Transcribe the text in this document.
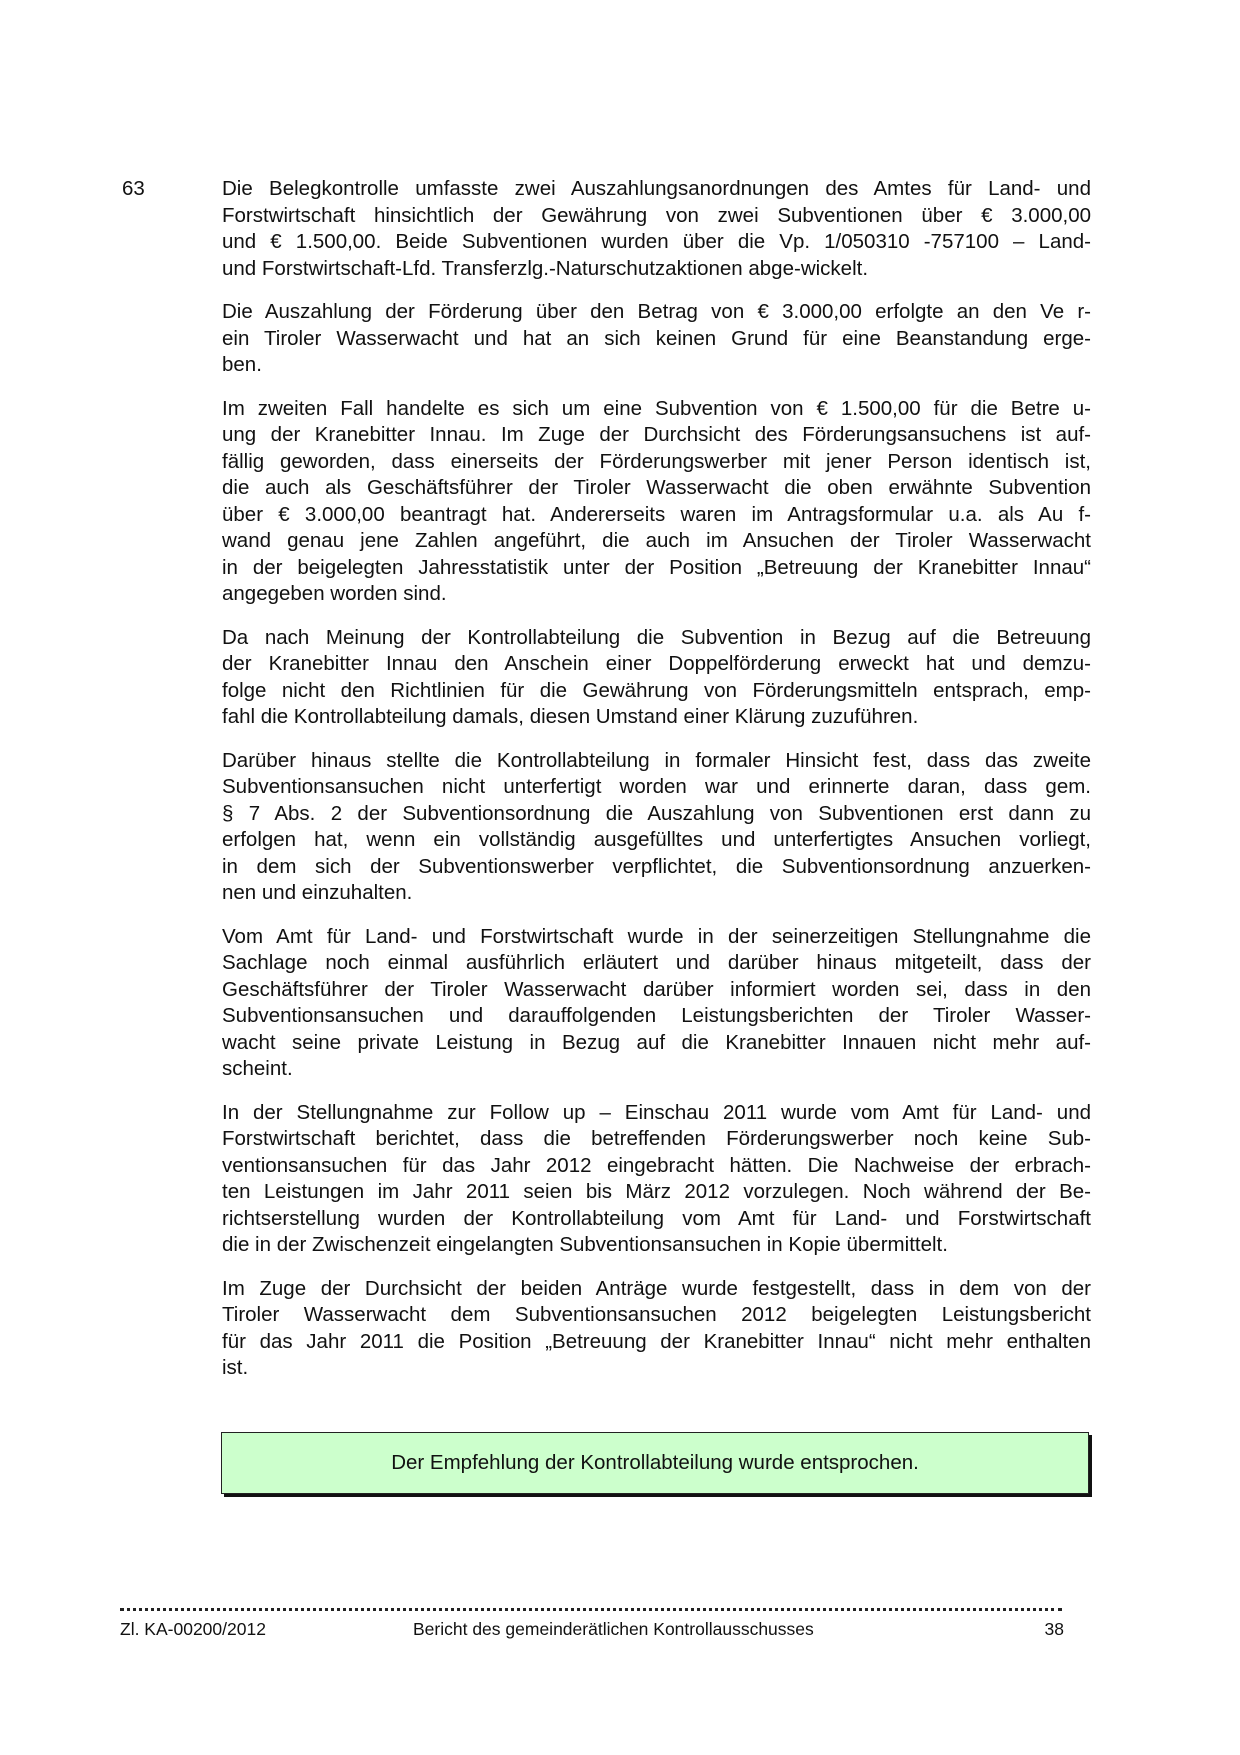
63	Die Belegkontrolle umfasste zwei Auszahlungsanordnungen des Amtes für Land- und
Forstwirtschaft hinsichtlich der Gewährung von zwei Subventionen über € 3.000,00
und € 1.500,00. Beide Subventionen wurden über die Vp. 1/050310 -757100 – Land-
und Forstwirtschaft-Lfd. Transferzlg.-Naturschutzaktionen abge-wickelt.

Die Auszahlung der Förderung über den Betrag von € 3.000,00 erfolgte an den Ve r-
ein Tiroler Wasserwacht und hat an sich keinen Grund für eine Beanstandung erge-
ben.

Im zweiten Fall handelte es sich um eine Subvention von € 1.500,00 für die Betre u-
ung der Kranebitter Innau. Im Zuge der Durchsicht des Förderungsansuchens ist auf-
fällig geworden, dass einerseits der Förderungswerber mit jener Person identisch ist,
die auch als Geschäftsführer der Tiroler Wasserwacht die oben erwähnte Subvention
über € 3.000,00 beantragt hat. Andererseits waren im Antragsformular u.a. als Au f-
wand genau jene Zahlen angeführt, die auch im Ansuchen der Tiroler Wasserwacht
in der beigelegten Jahresstatistik unter der Position „Betreuung der Kranebitter Innau“
angegeben worden sind.

Da nach Meinung der Kontrollabteilung die Subvention in Bezug auf die Betreuung
der Kranebitter Innau den Anschein einer Doppelförderung erweckt hat und demzu-
folge nicht den Richtlinien für die Gewährung von Förderungsmitteln entsprach, emp-
fahl die Kontrollabteilung damals, diesen Umstand einer Klärung zuzuführen.

Darüber hinaus stellte die Kontrollabteilung in formaler Hinsicht fest, dass das zweite
Subventionsansuchen nicht unterfertigt worden war und erinnerte daran, dass gem.
§ 7 Abs. 2 der Subventionsordnung die Auszahlung von Subventionen erst dann zu
erfolgen hat, wenn ein vollständig ausgefülltes und unterfertigtes Ansuchen vorliegt,
in dem sich der Subventionswerber verpflichtet, die Subventionsordnung anzuerken-
nen und einzuhalten.

Vom Amt für Land- und Forstwirtschaft wurde in der seinerzeitigen Stellungnahme die
Sachlage noch einmal ausführlich erläutert und darüber hinaus mitgeteilt, dass der
Geschäftsführer der Tiroler Wasserwacht darüber informiert worden sei, dass in den
Subventionsansuchen und darauffolgenden Leistungsberichten der Tiroler Wasser-
wacht seine private Leistung in Bezug auf die Kranebitter Innauen nicht mehr auf-
scheint.

In der Stellungnahme zur Follow up – Einschau 2011 wurde vom Amt für Land- und
Forstwirtschaft berichtet, dass die betreffenden Förderungswerber noch keine Sub-
ventionsansuchen für das Jahr 2012 eingebracht hätten. Die Nachweise der erbrach-
ten Leistungen im Jahr 2011 seien bis März 2012 vorzulegen. Noch während der Be-
richtserstellung wurden der Kontrollabteilung vom Amt für Land- und Forstwirtschaft
die in der Zwischenzeit eingelangten Subventionsansuchen in Kopie übermittelt.

Im Zuge der Durchsicht der beiden Anträge wurde festgestellt, dass in dem von der
Tiroler Wasserwacht dem Subventionsansuchen 2012 beigelegten Leistungsbericht
für das Jahr 2011 die Position „Betreuung der Kranebitter Innau“ nicht mehr enthalten
ist.

Der Empfehlung der Kontrollabteilung wurde entsprochen.
Zl. KA-00200/2012	Bericht des gemeinderätlichen Kontrollausschusses	38
